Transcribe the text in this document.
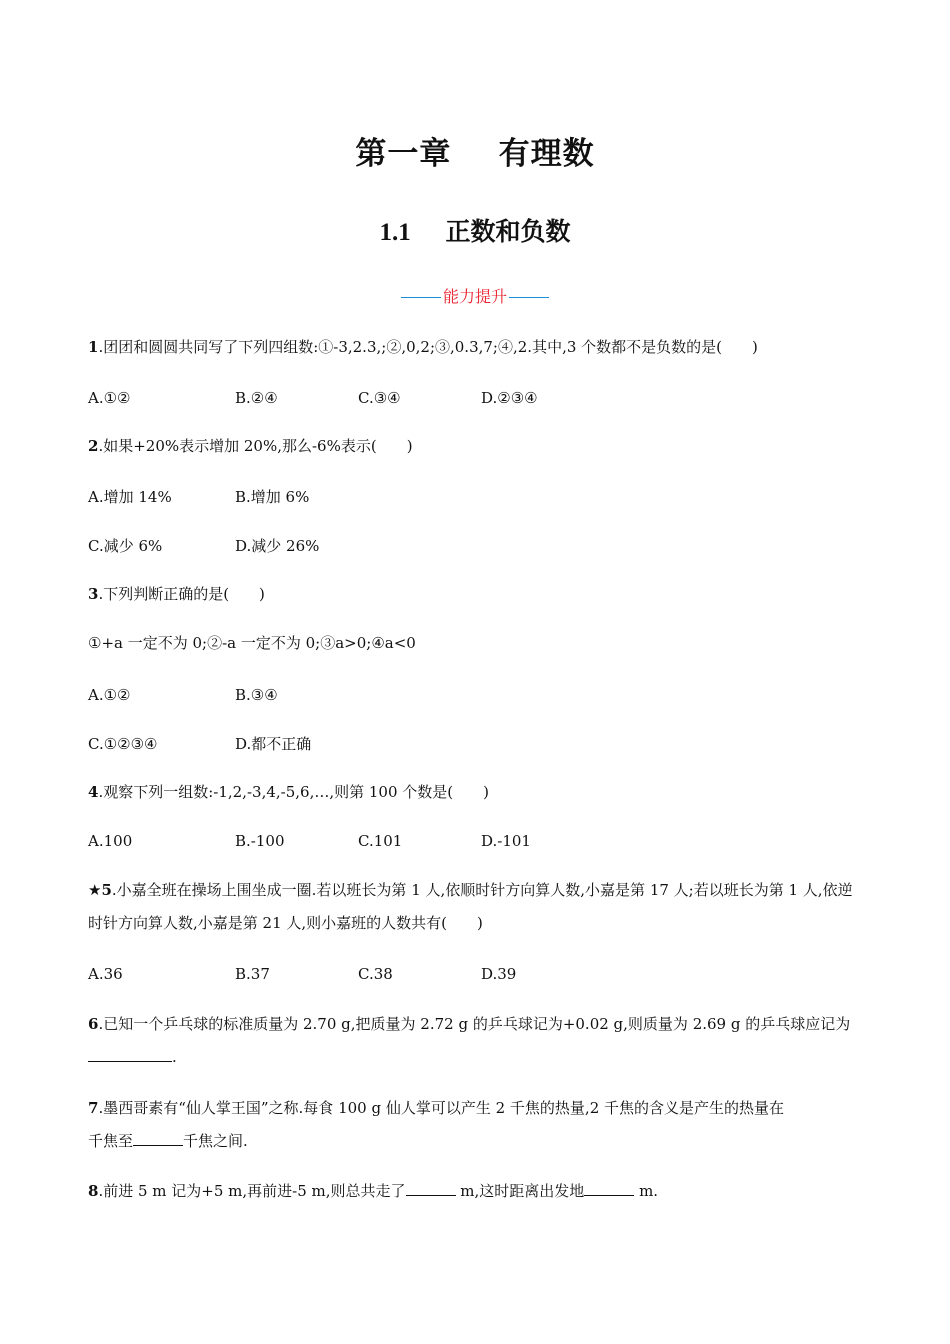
第一章    有理数
1.1 正数和负数
能力提升
1.团团和圆圆共同写了下列四组数:①-3,2.3,;②,0,2;③,0.3,7;④,2.其中,3 个数都不是负数的是(　　)
A.①②	B.②④	C.③④	D.②③④
2.如果+20%表示增加 20%,那么-6%表示(　　)
A.增加 14%	B.增加 6%
C.减少 6%	D.减少 26%
3.下列判断正确的是(　　)
①+a 一定不为 0;②-a 一定不为 0;③a>0;④a<0
A.①②	B.③④
C.①②③④	D.都不正确
4.观察下列一组数:-1,2,-3,4,-5,6,…,则第 100 个数是(　　)
A.100	B.-100	C.101	D.-101
★5.小嘉全班在操场上围坐成一圈.若以班长为第 1 人,依顺时针方向算人数,小嘉是第 17 人;若以班长为第 1 人,依逆时针方向算人数,小嘉是第 21 人,则小嘉班的人数共有(　　)
A.36	B.37	C.38	D.39
6.已知一个乒乓球的标准质量为 2.70 g,把质量为 2.72 g 的乒乓球记为+0.02 g,则质量为 2.69 g 的乒乓球应记为.
7.墨西哥素有“仙人掌王国”之称.每食 100 g 仙人掌可以产生 2 千焦的热量,2 千焦的含义是产生的热量在
千焦至	千焦之间.
8.前进 5 m 记为+5 m,再前进-5 m,则总共走了	m,这时距离出发地	m.
